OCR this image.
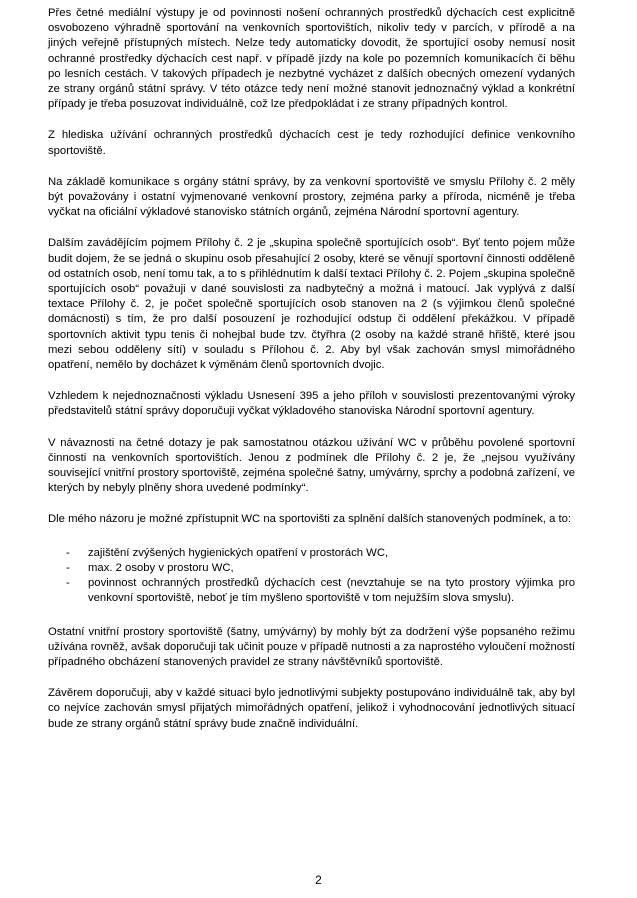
Přes četné mediální výstupy je od povinnosti nošení ochranných prostředků dýchacích cest explicitně osvobozeno výhradně sportování na venkovních sportovištích, nikoliv tedy v parcích, v přírodě a na jiných veřejně přístupných místech. Nelze tedy automaticky dovodit, že sportující osoby nemusí nosit ochranné prostředky dýchacích cest např. v případě jízdy na kole po pozemních komunikacích či běhu po lesních cestách. V takových případech je nezbytné vycházet z dalších obecných omezení vydaných ze strany orgánů státní správy. V této otázce tedy není možné stanovit jednoznačný výklad a konkrétní případy je třeba posuzovat individuálně, což lze předpokládat i ze strany případných kontrol.

Z hlediska užívání ochranných prostředků dýchacích cest je tedy rozhodující definice venkovního sportoviště.

Na základě komunikace s orgány státní správy, by za venkovní sportoviště ve smyslu Přílohy č. 2 měly být považovány i ostatní vyjmenované venkovní prostory, zejména parky a příroda, nicméně je třeba vyčkat na oficiální výkladové stanovisko státních orgánů, zejména Národní sportovní agentury.

Dalším zavádějícím pojmem Přílohy č. 2 je „skupina společně sportujících osob“. Byť tento pojem může budit dojem, že se jedná o skupinu osob přesahující 2 osoby, které se věnují sportovní činnosti odděleně od ostatních osob, není tomu tak, a to s přihlédnutím k další textaci Přílohy č. 2. Pojem „skupina společně sportujících osob“ považuji v dané souvislosti za nadbytečný a možná i matoucí. Jak vyplývá z další textace Přílohy č. 2, je počet společně sportujících osob stanoven na 2 (s výjimkou členů společné domácnosti) s tím, že pro další posouzení je rozhodující odstup či oddělení překážkou. V případě sportovních aktivit typu tenis či nohejbal bude tzv. čtyřhra (2 osoby na každé straně hřiště, které jsou mezi sebou odděleny sítí) v souladu s Přílohou č. 2. Aby byl však zachován smysl mimořádného opatření, nemělo by docházet k výměnám členů sportovních dvojic.

Vzhledem k nejednoznačnosti výkladu Usnesení 395 a jeho příloh v souvislosti prezentovanými výroky představitelů státní správy doporučuji vyčkat výkladového stanoviska Národní sportovní agentury.

V návaznosti na četné dotazy je pak samostatnou otázkou užívání WC v průběhu povolené sportovní činnosti na venkovních sportovištích. Jenou z podmínek dle Přílohy č. 2 je, že „nejsou využívány související vnitřní prostory sportoviště, zejména společné šatny, umývárny, sprchy a podobná zařízení, ve kterých by nebyly plněny shora uvedené podmínky“.

Dle mého názoru je možné zpřístupnit WC na sportovišti za splnění dalších stanovených podmínek, a to:

- zajištění zvýšených hygienických opatření v prostorách WC,
- max. 2 osoby v prostoru WC,
- povinnost ochranných prostředků dýchacích cest (nevztahuje se na tyto prostory výjimka pro venkovní sportoviště, neboť je tím myšleno sportoviště v tom nejužším slova smyslu).

Ostatní vnitřní prostory sportoviště (šatny, umývárny) by mohly být za dodržení výše popsaného režimu užívána rovněž, avšak doporučuji tak učinit pouze v případě nutnosti a za naprostého vyloučení možností případného obcházení stanovených pravidel ze strany návštěvníků sportoviště.

Závěrem doporučuji, aby v každé situaci bylo jednotlivými subjekty postupováno individuálně tak, aby byl co nejvíce zachován smysl přijatých mimořádných opatření, jelikož i vyhodnocování jednotlivých situací bude ze strany orgánů státní správy bude značně individuální.

2
